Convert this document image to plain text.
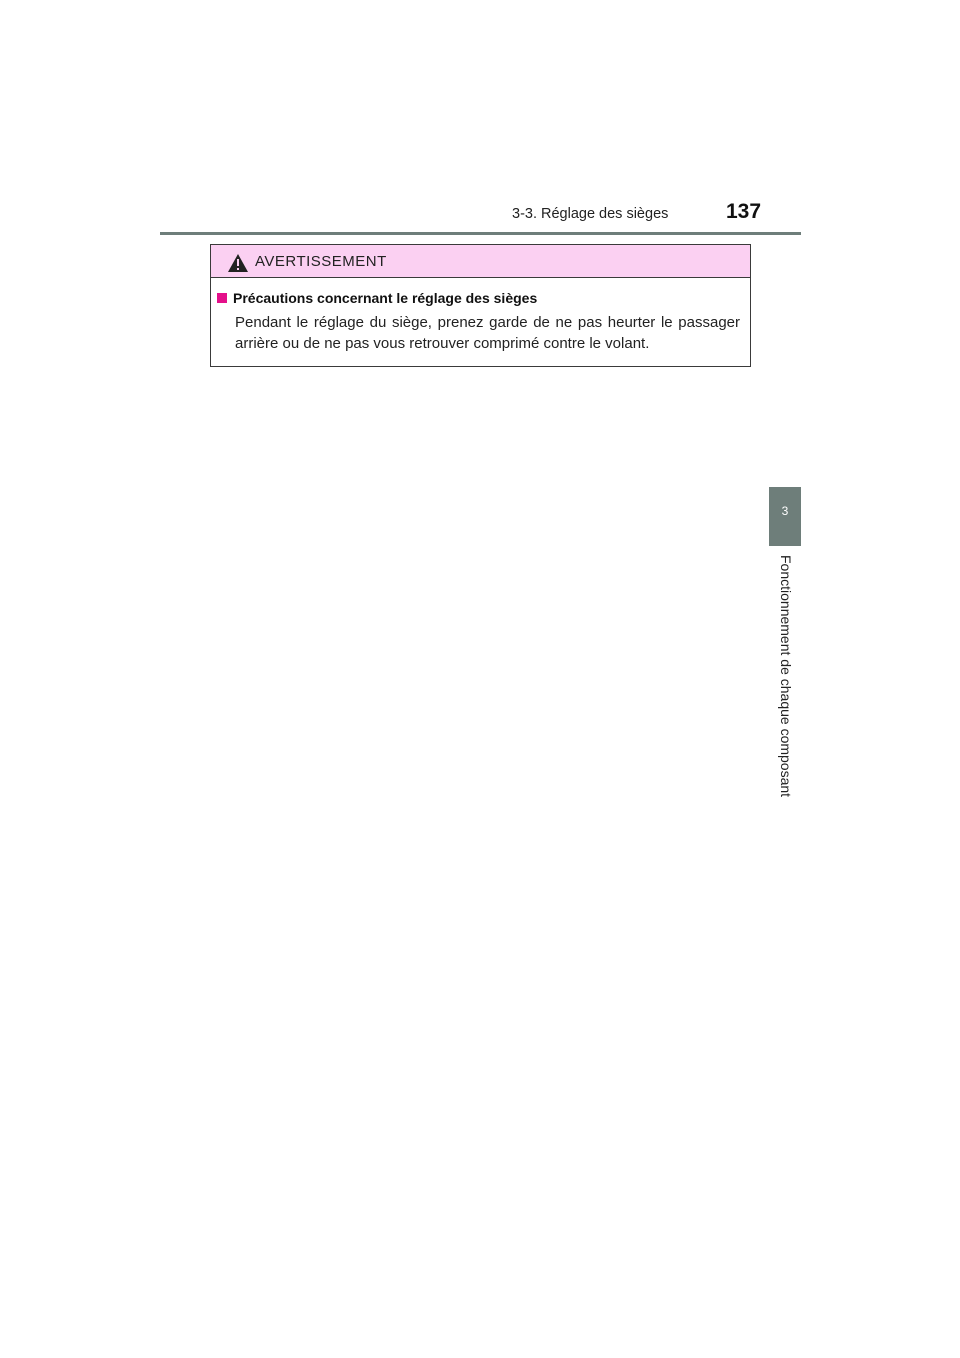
3-3. Réglage des sièges	137
3
Fonctionnement de chaque composant
AVERTISSEMENT
Précautions concernant le réglage des sièges

Pendant le réglage du siège, prenez garde de ne pas heurter le passager arrière ou de ne pas vous retrouver comprimé contre le volant.
